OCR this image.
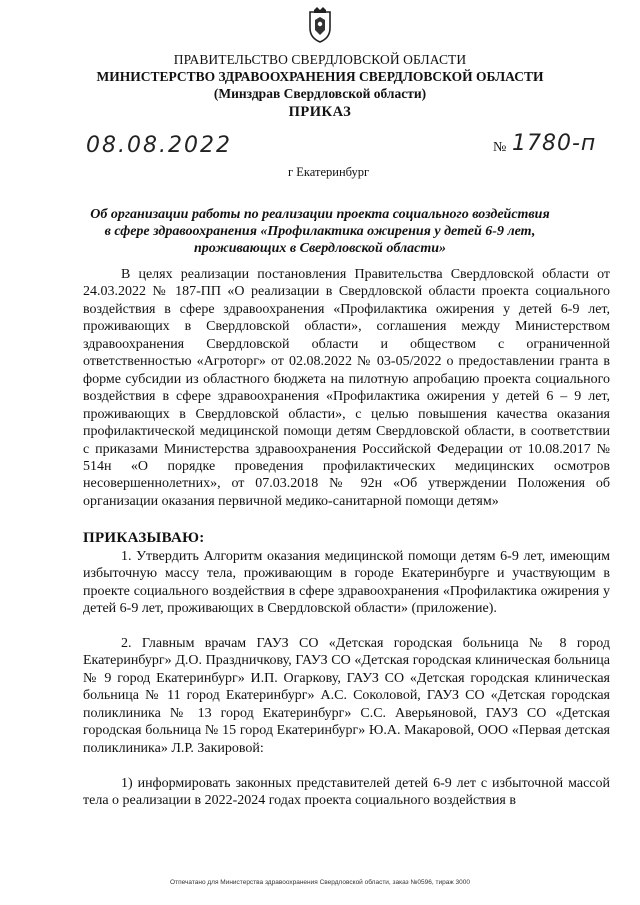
ПРАВИТЕЛЬСТВО СВЕРДЛОВСКОЙ ОБЛАСТИ
МИНИСТЕРСТВО ЗДРАВООХРАНЕНИЯ СВЕРДЛОВСКОЙ ОБЛАСТИ
(Минздрав Свердловской области)
ПРИКАЗ
08.08.2022	№ 1780-п
г Екатеринбург
Об организации работы по реализации проекта социального воздействия
в сфере здравоохранения «Профилактика ожирения у детей 6-9 лет,
проживающих в Свердловской области»

В целях реализации постановления Правительства Свердловской области от 24.03.2022 № 187-ПП «О реализации в Свердловской области проекта социального воздействия в сфере здравоохранения «Профилактика ожирения у детей 6-9 лет, проживающих в Свердловской области», соглашения между Министерством здравоохранения Свердловской области и обществом с ограниченной ответственностью «Агроторг» от 02.08.2022 № 03-05/2022 о предоставлении гранта в форме субсидии из областного бюджета на пилотную апробацию проекта социального воздействия в сфере здравоохранения «Профилактика ожирения у детей 6 – 9 лет, проживающих в Свердловской области», с целью повышения качества оказания профилактической медицинской помощи детям Свердловской области, в соответствии с приказами Министерства здравоохранения Российской Федерации от 10.08.2017 № 514н «О порядке проведения профилактических медицинских осмотров несовершеннолетних», от 07.03.2018 № 92н «Об утверждении Положения об организации оказания первичной медико-санитарной помощи детям»

ПРИКАЗЫВАЮ:

1. Утвердить Алгоритм оказания медицинской помощи детям 6-9 лет, имеющим избыточную массу тела, проживающим в городе Екатеринбурге и участвующим в проекте социального воздействия в сфере здравоохранения «Профилактика ожирения у детей 6-9 лет, проживающих в Свердловской области» (приложение).

2. Главным врачам ГАУЗ СО «Детская городская больница № 8 город Екатеринбург» Д.О. Праздничкову, ГАУЗ СО «Детская городская клиническая больница № 9 город Екатеринбург» И.П. Огаркову, ГАУЗ СО «Детская городская клиническая больница № 11 город Екатеринбург» А.С. Соколовой, ГАУЗ СО «Детская городская поликлиника № 13 город Екатеринбург» С.С. Аверьяновой, ГАУЗ СО «Детская городская больница № 15 город Екатеринбург» Ю.А. Макаровой, ООО «Первая детская поликлиника» Л.Р. Закировой:

1) информировать законных представителей детей 6-9 лет с избыточной массой тела о реализации в 2022-2024 годах проекта социального воздействия в

Отпечатано для Министерства здравоохранения Свердловской области, заказ №0596, тираж 3000
